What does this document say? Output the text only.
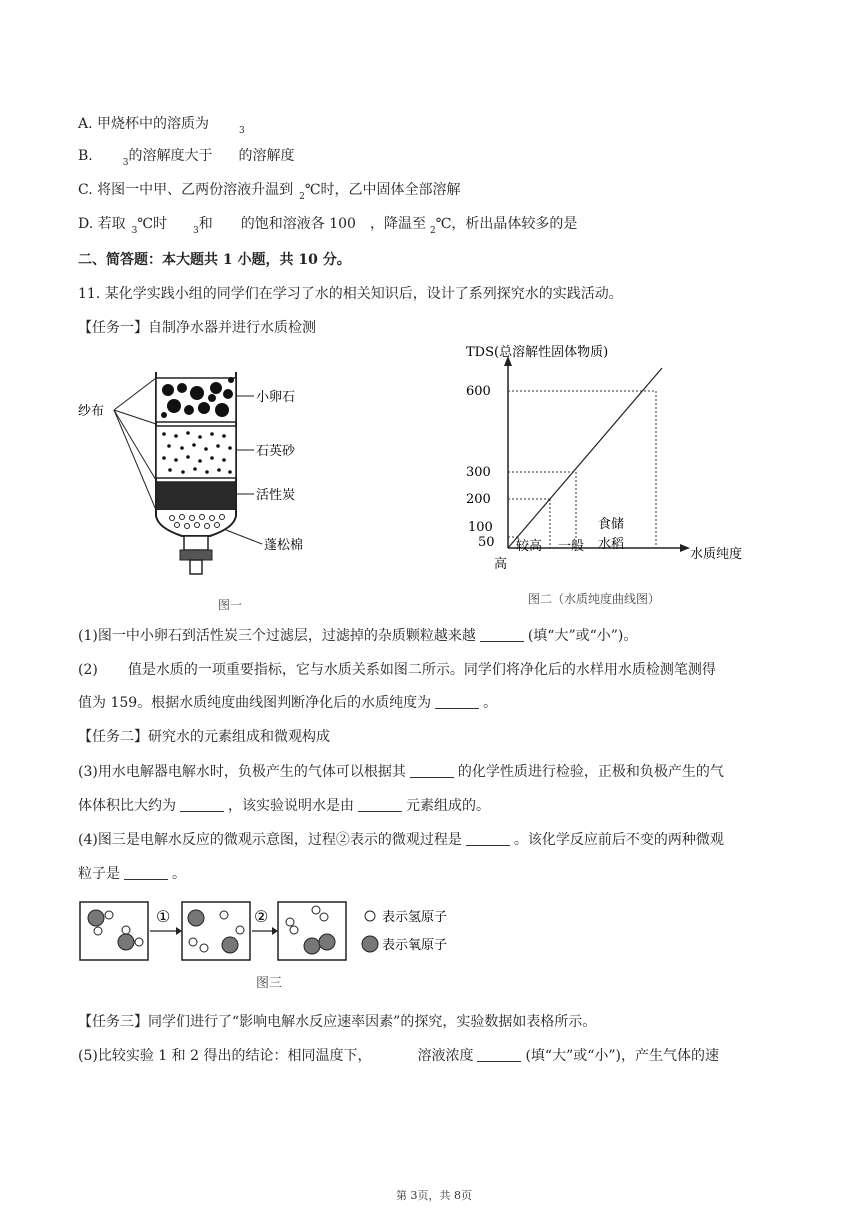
A. 甲烧杯中的溶质为	$_3$
B.	$_3$的溶解度大于 的溶解度
C. 将图一中甲、乙两份溶液升温到 $_2$℃时，乙中固体全部溶解
D. 若取 $_3$℃时	$_3$和 的饱和溶液各 100 ，降温至 $_2$℃，析出晶体较多的是
二、简答题：本大题共 1 小题，共 10 分。
11. 某化学实践小组的同学们在学习了水的相关知识后，设计了系列探究水的实践活动。
【任务一】自制净水器并进行水质检测
纱布
小卵石
石英砂
活性炭
蓬松棉
图一
TDS(总溶解性固体物质)
600
300
200
100
50
高
较高 一般
食储
水稻
水质纯度
图二（水质纯度曲线图）
(1)图一中小卵石到活性炭三个过滤层，过滤掉的杂质颗粒越来越	(填“大”或“小”)。
(2) 值是水质的一项重要指标，它与水质关系如图二所示。同学们将净化后的水样用水质检测笔测得
值为 159。根据水质纯度曲线图判断净化后的水质纯度为	。
【任务二】研究水的元素组成和微观构成
(3)用水电解器电解水时，负极产生的气体可以根据其	的化学性质进行检验，正极和负极产生的气
体体积比大约为	，该实验说明水是由	元素组成的。
(4)图三是电解水反应的微观示意图，过程②表示的微观过程是	。该化学反应前后不变的两种微观
粒子是	。
①	②	表示氢原子
表示氧原子
图三
【任务三】同学们进行了“影响电解水反应速率因素”的探究，实验数据如表格所示。
(5)比较实验 1 和 2 得出的结论：相同温度下，	溶液浓度	(填“大”或“小”)，产生气体的速
第 3页，共 8页
